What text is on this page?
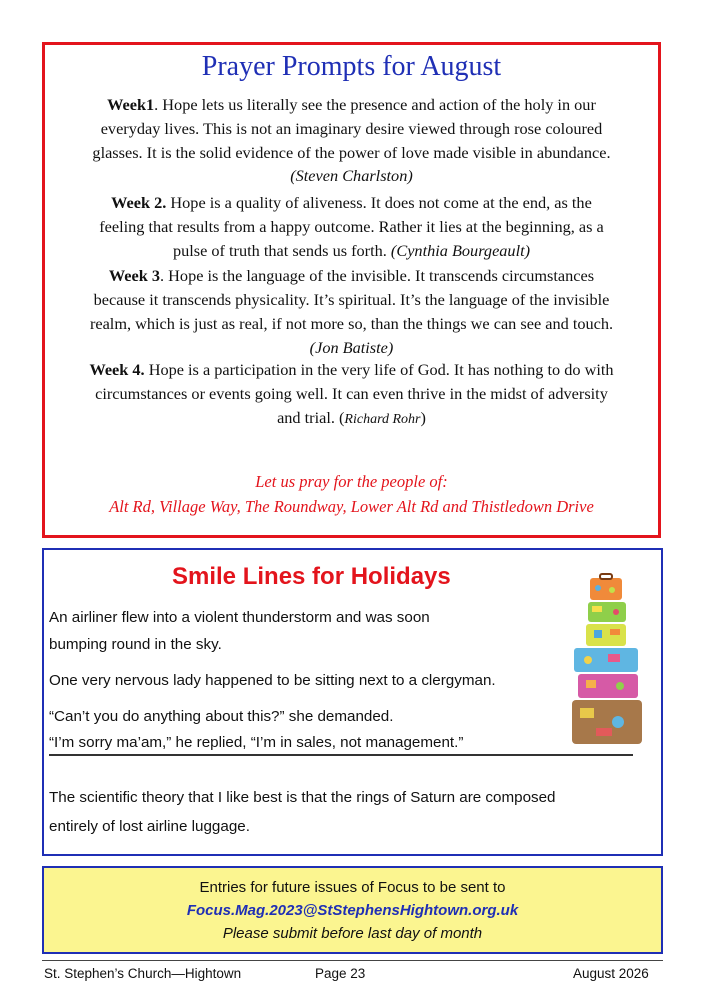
Prayer Prompts for August
Week1. Hope lets us literally see the presence and action of the holy in our
everyday lives. This is not an imaginary desire viewed through rose coloured
glasses. It is the solid evidence of the power of love made visible in abundance.
(Steven Charlston)
Week 2. Hope is a quality of aliveness. It does not come at the end, as the
feeling that results from a happy outcome. Rather it lies at the beginning, as a
pulse of truth that sends us forth. (Cynthia Bourgeault)
Week 3. Hope is the language of the invisible. It transcends circumstances
because it transcends physicality. It’s spiritual. It’s the language of the invisible
realm, which is just as real, if not more so, than the things we can see and touch.
(Jon Batiste)
Week 4. Hope is a participation in the very life of God. It has nothing to do with
circumstances or events going well. It can even thrive in the midst of adversity
and trial. (Richard Rohr)
Let us pray for the people of:
Alt Rd, Village Way, The Roundway, Lower Alt Rd and Thistledown Drive
Smile Lines for Holidays
An airliner flew into a violent thunderstorm and was soon
bumping round in the sky.
One very nervous lady happened to be sitting next to a clergyman.
“Can’t you do anything about this?” she demanded.
“I’m sorry ma’am,” he replied, “I’m in sales, not management.”
The scientific theory that I like best is that the rings of Saturn are composed
entirely of lost airline luggage.
Entries for future issues of Focus to be sent to
Focus.Mag.2023@StStephensHightown.org.uk
Please submit before last day of month
St. Stephen’s Church—Hightown	Page 23	August 2026
